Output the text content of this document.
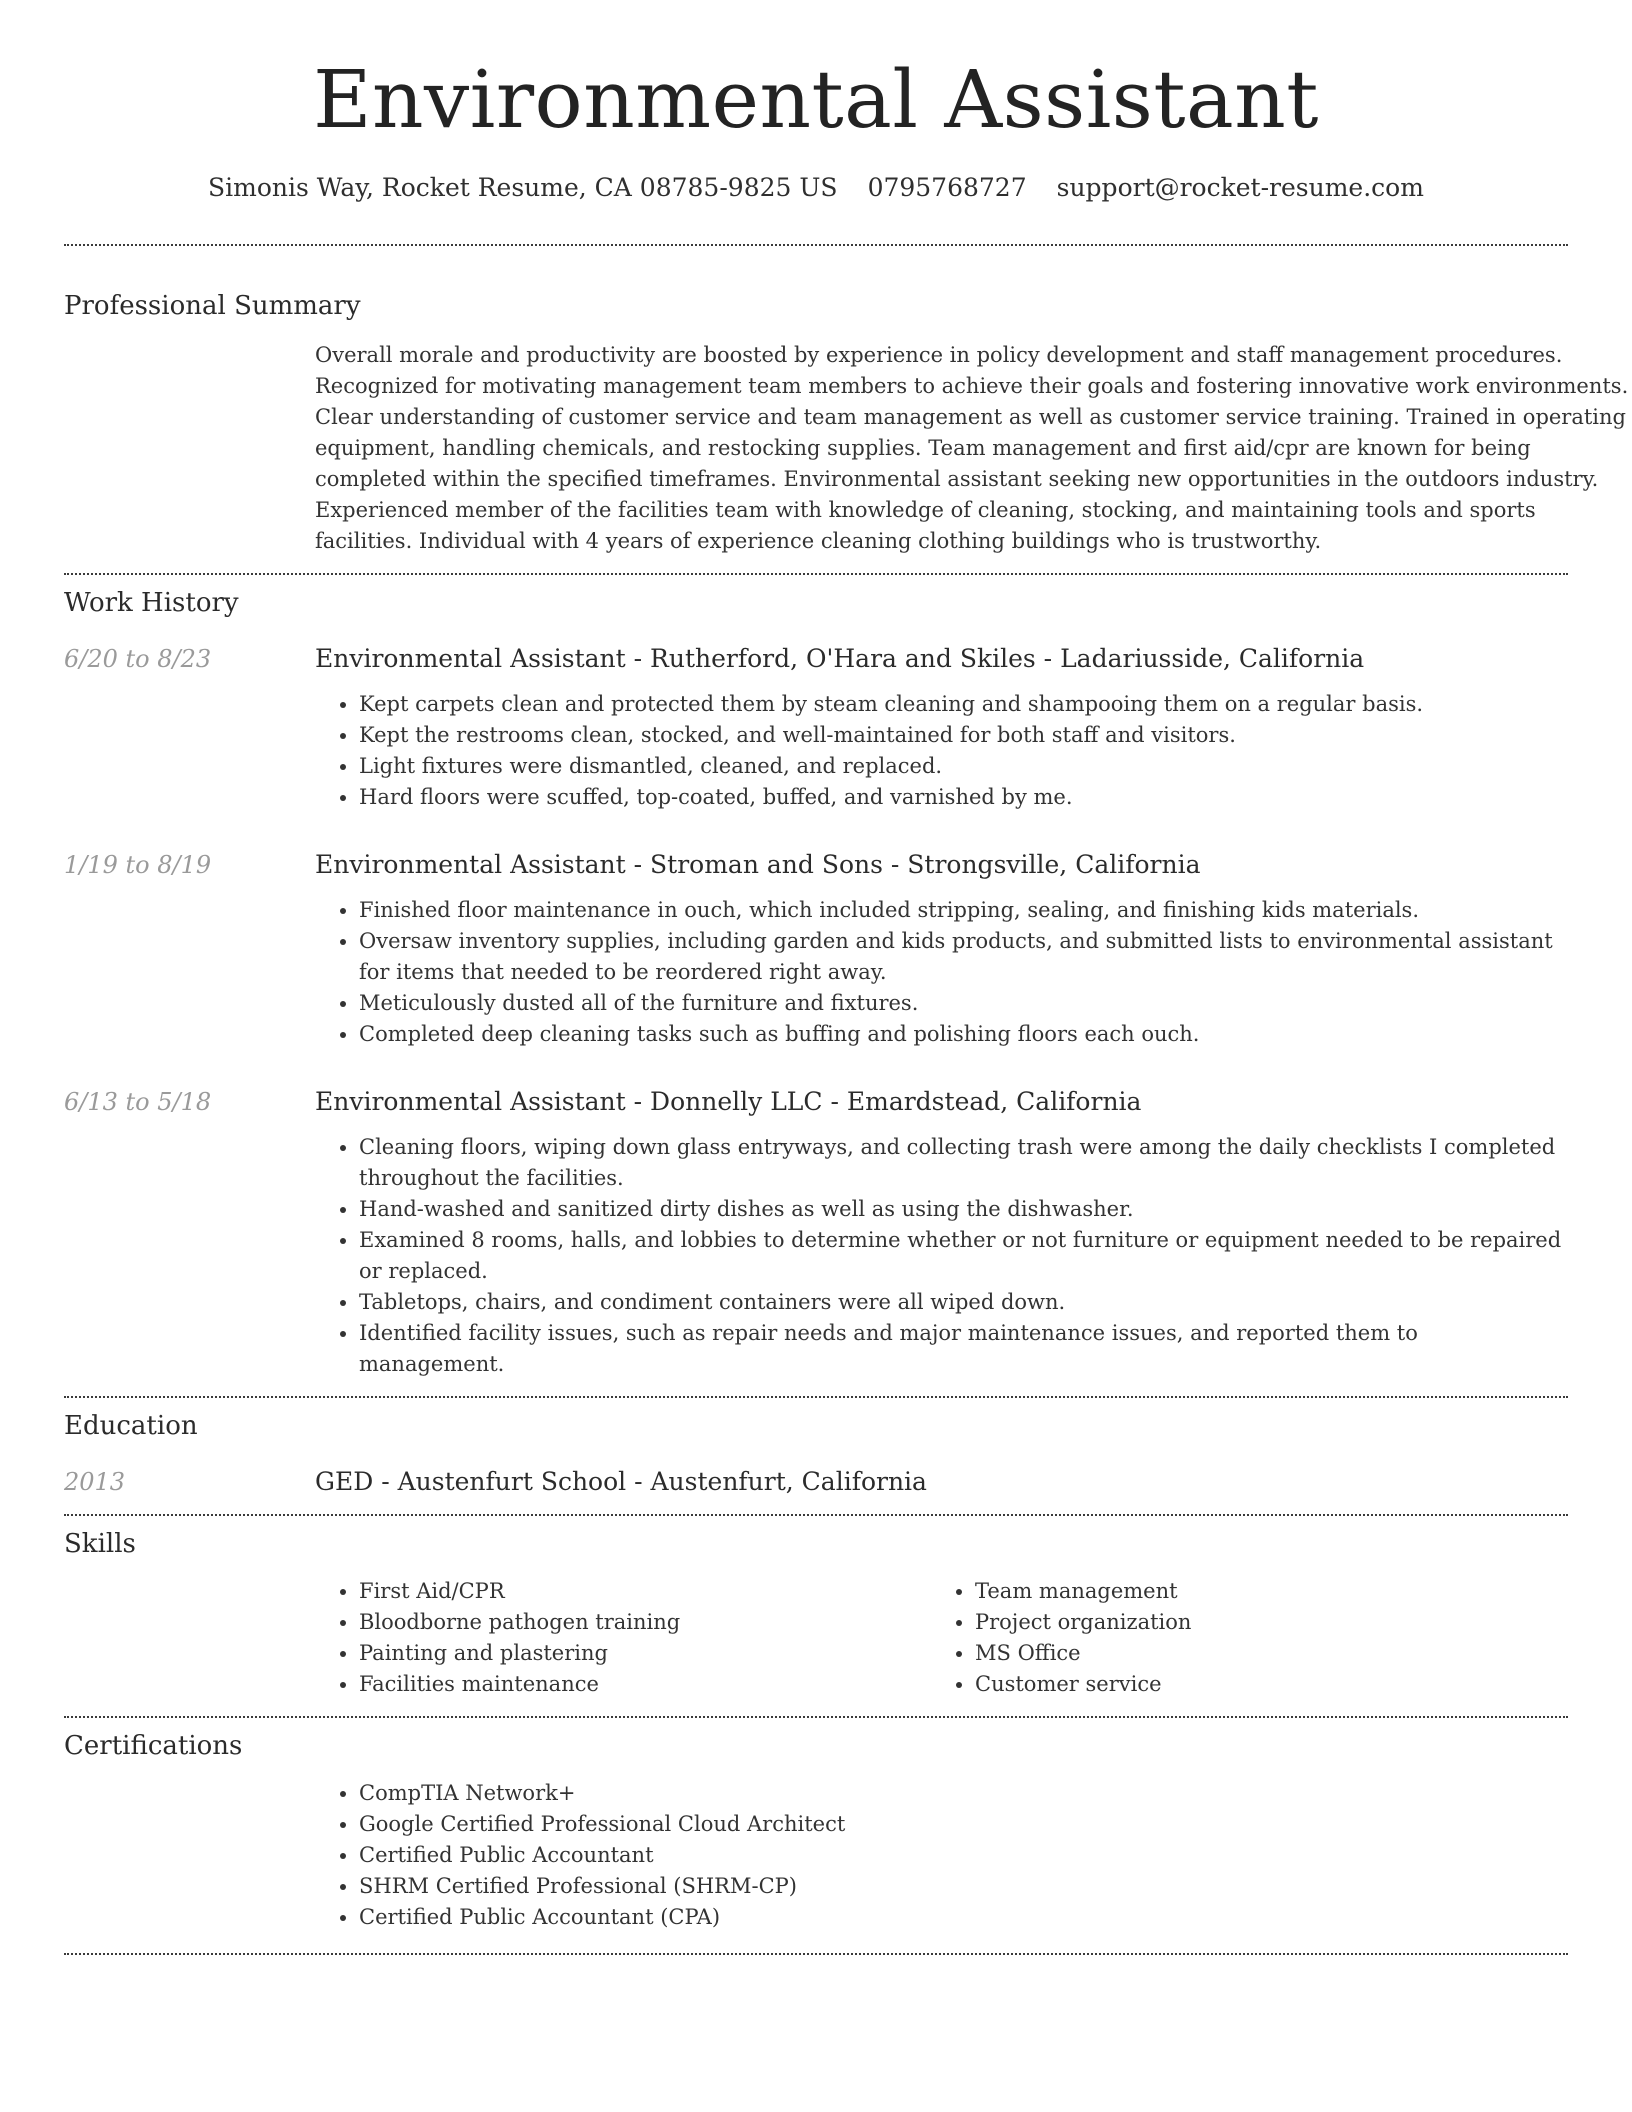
Environmental Assistant
Simonis Way, Rocket Resume, CA 08785-9825 US 0795768727 support@rocket-resume.com
Professional Summary

Overall morale and productivity are boosted by experience in policy development and staff management procedures. Recognized for motivating management team members to achieve their goals and fostering innovative work environments. Clear understanding of customer service and team management as well as customer service training. Trained in operating equipment, handling chemicals, and restocking supplies. Team management and first aid/cpr are known for being completed within the specified timeframes. Environmental assistant seeking new opportunities in the outdoors industry. Experienced member of the facilities team with knowledge of cleaning, stocking, and maintaining tools and sports facilities. Individual with 4 years of experience cleaning clothing buildings who is trustworthy.

Work History
6/20 to 8/23	Environmental Assistant - Rutherford, O'Hara and Skiles - Ladariusside, California
• Kept carpets clean and protected them by steam cleaning and shampooing them on a regular basis.
• Kept the restrooms clean, stocked, and well-maintained for both staff and visitors.
• Light fixtures were dismantled, cleaned, and replaced.
• Hard floors were scuffed, top-coated, buffed, and varnished by me.
1/19 to 8/19	Environmental Assistant - Stroman and Sons - Strongsville, California
• Finished floor maintenance in ouch, which included stripping, sealing, and finishing kids materials.
• Oversaw inventory supplies, including garden and kids products, and submitted lists to environmental assistant for items that needed to be reordered right away.
• Meticulously dusted all of the furniture and fixtures.
• Completed deep cleaning tasks such as buffing and polishing floors each ouch.
6/13 to 5/18	Environmental Assistant - Donnelly LLC - Emardstead, California
• Cleaning floors, wiping down glass entryways, and collecting trash were among the daily checklists I completed throughout the facilities.
• Hand-washed and sanitized dirty dishes as well as using the dishwasher.
• Examined 8 rooms, halls, and lobbies to determine whether or not furniture or equipment needed to be repaired or replaced.
• Tabletops, chairs, and condiment containers were all wiped down.
• Identified facility issues, such as repair needs and major maintenance issues, and reported them to management.
Education
2013	GED - Austenfurt School - Austenfurt, California
Skills
• First Aid/CPR
• Bloodborne pathogen training
• Painting and plastering
• Facilities maintenance
• Team management
• Project organization
• MS Office
• Customer service
Certifications
• CompTIA Network+
• Google Certified Professional Cloud Architect
• Certified Public Accountant
• SHRM Certified Professional (SHRM-CP)
• Certified Public Accountant (CPA)
